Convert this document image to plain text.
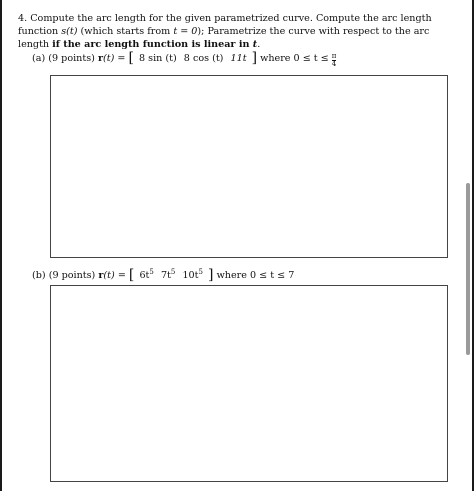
4. Compute the arc length for the given parametrized curve. Compute the arc length function s(t) (which starts from t = 0); Parametrize the curve with respect to the arc length if the arc length function is linear in t.
(a) (9 points) r(t) = [ 8 sin (t) 8 cos (t) 11t ] where $0 \le t \le \frac{\pi}{4}$
(b) (9 points) r(t) = [ $6t^5$ $7t^5$ $10t^5$ ] where 0 ≤ t ≤ 7
